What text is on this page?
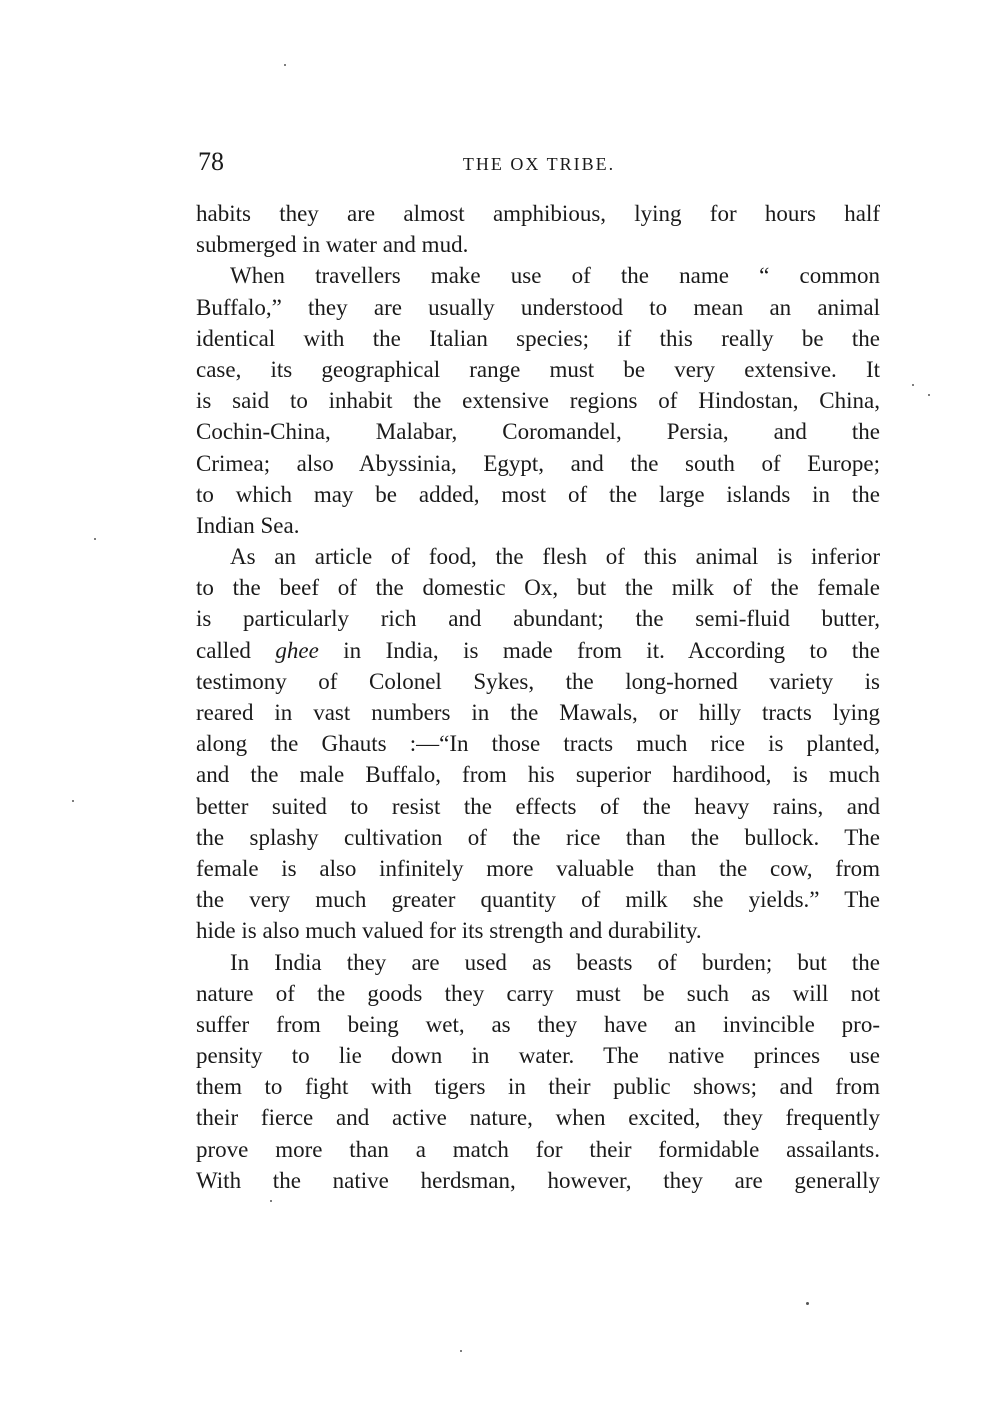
78	THE OX TRIBE.
habits they are almost amphibious, lying for hours half
submerged in water and mud.
When travellers make use of the name “ common
Buffalo,” they are usually understood to mean an animal
identical with the Italian species; if this really be the
case, its geographical range must be very extensive. It
is said to inhabit the extensive regions of Hindostan, China,
Cochin-China, Malabar, Coromandel, Persia, and the
Crimea; also Abyssinia, Egypt, and the south of Europe;
to which may be added, most of the large islands in the
Indian Sea.
As an article of food, the flesh of this animal is inferior
to the beef of the domestic Ox, but the milk of the female
is particularly rich and abundant; the semi-fluid butter,
called ghee in India, is made from it. According to the
testimony of Colonel Sykes, the long-horned variety is
reared in vast numbers in the Mawals, or hilly tracts lying
along the Ghauts :—“In those tracts much rice is planted,
and the male Buffalo, from his superior hardihood, is much
better suited to resist the effects of the heavy rains, and
the splashy cultivation of the rice than the bullock. The
female is also infinitely more valuable than the cow, from
the very much greater quantity of milk she yields.” The
hide is also much valued for its strength and durability.
In India they are used as beasts of burden; but the
nature of the goods they carry must be such as will not
suffer from being wet, as they have an invincible pro-
pensity to lie down in water. The native princes use
them to fight with tigers in their public shows; and from
their fierce and active nature, when excited, they frequently
prove more than a match for their formidable assailants.
With the native herdsman, however, they are generally
